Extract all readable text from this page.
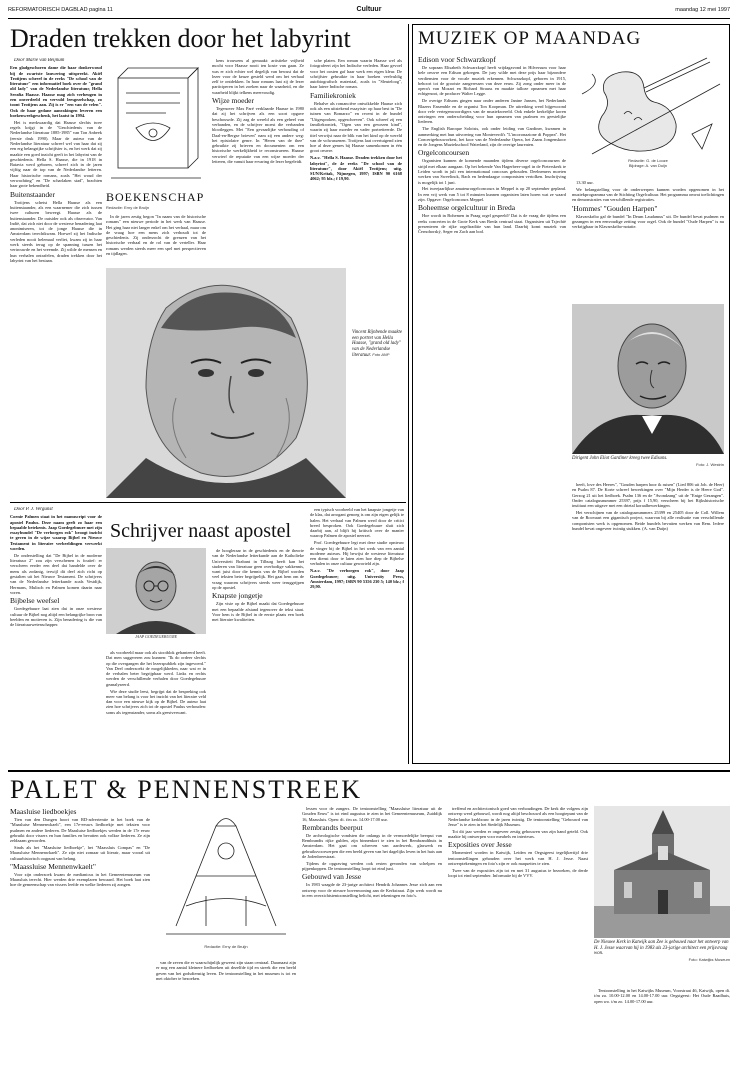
REFORMATORISCH DAGBLAD pagina 11	Cultuur	maandag 12 mei 1997
Draden trekken door het labyrint

Door Marie van Beijnum

Een gladgeschoren dame die haar donkerwoud bij de zwartste lauwering uitspreekt. Akiël Trotijens schreef in de reeks "De school van de literatuur" een informatief boek over de "grand old lady" van de Nederlandse literatuur, Hella Serafia Haasse. Haasse mag zich verheugen in een onverdeeld en vervuld leesgezelschap, zo toont Trotijens aan. Zij is er "een van de velen". Ook de haar gedane aanrakingen leveren een boekenweekgeschenk, het laatst in 1994.

Het is merkwaardig dat Haasse slechts twee regels krijgt in de "Geschiedenis van de Nederlandse literatuur 1885-1985" van Ton Anbeek (eerste druk 1990). Maar de auteur van de Nederlandse literatuur schreef wel van haar dat zij een erg belangrijke schrijfster is, en het werk dat zij maakte een goed inzicht geeft in het labyrint van de geschiedenis. Hella S. Haasse, die in 1918 in Batavia werd geboren, schreef zich in de jaren vijftig naar de top van de Nederlandse letteren. Haar historische romans, zoals "Het woud der verwachting" en "De scharlaken stad", brachten haar grote bekendheid.

Buitenstaander

Trotijens schetst Hella Haasse als een buitenstaander, als een waarnemer die zich tussen twee culturen beweegt. Haasse als de buitenstaander. De outsider ook als observator. Van Indië, dat zich niet door de westerse benadering laat anonimiseren, tot de jonge Haasse die in Amsterdam terechtkwam. Hoewel zij het Indische verleden nooit helemaal verliet, kwam zij in haar werk steeds terug op de spanning tussen het vertrouwde en het vreemde. Zij wilde de mensen en hun verhalen ontrafelen, draden trekken door het labyrint van het bestaan.

BOEKENSCHAP
Redactie: Erny de Bruijn

In de jaren zestig begon "In naam van de historische romans" een nieuwe periode in het werk van Haasse. Het ging haar niet langer enkel om het verhaal, maar om de vraag hoe een mens zich verhoudt tot de geschiedenis. Zij onderzocht de grenzen van het historische verhaal en de rol van de verteller. Haar romans werden steeds meer een spel met perspectieven en tijdlagen.

kens trouwens al gemaakt: artistieke vrijheid mocht voor Haasse nooit ten koste van gaan. Ze was er zich echter wel degelijk van bewust dat de lezer voor de keuze gesteld werd om het verhaal zelf te ontdekken. In haar romans laat zij de lezer participeren in het zoeken naar de waarheid, en die waarheid blijkt telkens meervoudig.

Wijze moeder

Tegenover Max Paré verklaarde Haasse in 1980 dat zij het schrijven als een soort opgave beschouwde. Zij zag de wereld als een geheel van verbanden, en de schrijver moest die verbanden blootleggen. Met "Een gevaarlijke verhouding of Daal-en-Bergse brieven" nam zij een andere weg: het epistolaire genre. In "Heren van de thee" gebruikte zij brieven en documenten om een historische werkelijkheid te reconstrueren. Haasse verwierf de reputatie van een wijze moeder der letteren, die vanuit haar ervaring de lezer begeleidt.

sche platen. Een roman waarin Haasse wel als fotografeert zijn het Indische verleden. Haar gevoel voor het oosten gaf haar werk een eigen kleur. De schrijfster gebruikte in haar boeken veelvuldig autobiografisch materiaal, zoals in "Sleuteloog", haar latere Indische roman.

Familiekroniek

Behalve als romancière ontwikkelde Haasse zich ook als een uitstekend essayiste: op haar best in "De tuinen van Bomarzo" en recent in de bundel "Uitgesproken, opgeschreven". Ook schreef zij een familiekroniek, "Ogen van een gewezen kind", waarin zij haar moeder en vader portretteerde. De titel verwijst naar de blik van het kind op de wereld van de volwassenen. Trotijens laat overtuigend zien hoe al deze genres bij Haasse samenkomen in één groot oeuvre.

N.a.v. "Hella S. Haasse. Draden trekken door het labyrint", de 4e reeks "De school van de literatuur", door Akiël Trotijens; uitg. SUN/Kritak, Nijmegen, 1997; ISBN 90 6168 4062; 95 blz.; f 19,90.

Vincent Rijnbende maakte een portret van Hella Haasse, "grand old lady" van de Nederlandse literatuur. Foto ANP

Door P. J. Vergunst

Coenie Palmen staat in het manuscript voor de apostel Paulus. Deze naam geeft zo haar een bepaalde betekenis. Jaap Goedegebuure met zijn essaybundel "De verborgen rok" beoogt inzicht te geven in de wijze waarop Bijbel en Nieuwe Testament in literaire verbeeldingen verwerkt worden.

De onderstelling dat "De Bijbel in de moderne literatuur 2" zou zijn verschenen is foutief: er verscheen eerder een deel dat handelde over de mens als zodanig, terwijl dit deel zich richt op gestalten uit het Nieuwe Testament. De schrijvers van de Nederlandse letterkunde zoals Vestdijk, Hermans, Mulisch en Palmen komen daarin naar voren.

Bijbelse weefsel

Goedegebuure laat zien dat in onze westerse cultuur de Bijbel nog altijd een belangrijke bron van beelden en motieven is. Zijn benadering is die van de literatuurwetenschapper.

Schrijver naast apostel
JAAP GOEDEGEBUURE

als voorbeeld maar ook als stootblok gehanteerd heeft. Dat men suggereren zou kunnen: "Ik do ordeer slechts op die overgangen die het lezerspubliek zijn ingevoerd." Van Deel onderzoekt de mogelijkheden, naar wat er in de verhalen beter begrijpbaar werd. Links en rechts werden de verschillende verhalen door Goedegebuure geanalyseerd.

Wie deze studie leest, begrijpt dat de bespreking ook meer van belang is voor het inzicht van het literaire veld dan voor een nieuwe kijk op de Bijbel. De auteur laat zien hoe schrijvers zich tot de apostel Paulus verhouden: soms als tegenstander, soms als geestverwant.

de hoogleraar in de geschiedenis en de theorie van de Nederlandse letterkunde aan de Katholieke Universiteit Brabant in Tilburg heeft kan het studeren van literatuur geen overbodige vakkennis, want juist door die kennis van de Bijbel worden veel teksten beter begrijpelijk. Het gaat hem om de vraag waarom schrijvers steeds weer teruggrijpen op de apostel.

Knapste jongetje

Zijn visie op de Bijbel maakt dat Goedegebuure met een bepaalde afstand tegenover de tekst staat. Voor hem is de Bijbel in de eerste plaats een boek met literaire kwaliteiten.

een typisch voorbeeld van het knapste jongetje van de klas, dat arrogant genoeg is om zijn eigen gelijk te halen. Het verhaal van Palmen werd door de critici breed besproken. Ook Goedegebuure sluit zich daarbij aan, al blijft hij kritisch over de manier waarop Palmen de apostel neerzet.

Prof. Goedegebuure legt met deze studie opnieuw de vinger bij de Bijbel in het werk van een aantal moderne auteurs. Hij bewijst de westerse literatuur een dienst door te laten zien hoe diep de Bijbelse verhalen in onze cultuur geworteld zijn.

N.a.v. "De verborgen rok", door Jaap Goedegebuure; uitg. University Press, Amsterdam, 1997; ISBN 90 5356 230 5; 140 blz.; f 29,90.

MUZIEK OP MAANDAG
Edison voor Schwarzkopf

De sopraan Elisabeth Schwarzkopf heeft vrijdagavond in Hilversum voor haar hele oeuvre een Edison gekregen. De jury wilde met deze prijs haar bijzondere verdiensten voor de vocale muziek erkennen. Schwarzkopf, geboren in 1915, behoort tot de grootste zangeressen van deze eeuw. Zij zong onder meer in de opera's van Mozart en Richard Strauss en maakte talloze opnamen met haar echtgenoot, de producer Walter Legge.

De overige Edisons gingen naar onder anderen Janine Jansen, het Nederlands Blazers Ensemble en de organist Ton Koopman. De uitreiking werd bijgewoond door vele vertegenwoordigers van de muziekwereld. Ook enkele kerkelijke koren ontvingen een onderscheiding voor hun opnamen van psalmen en geestelijke liederen.

The English Baroque Soloists, ook onder leiding van Gardiner, kwamen in aanmerking met hun uitvoering van Monteverdi's "L'incoronazione di Poppea". Het Concertgebouworkest, het koor van de Nederlandse Opera, het Zaans Jongenskoor en de Jongens Muziekschool Waterland, zijn de overige laureaten.

Orgelconcoursen

Organisten kunnen de komende maanden tijdens diverse orgelconcoursen de strijd met elkaar aangaan. Op het bekende Van Hagerbeer-orgel in de Pieterskerk te Leiden wordt in juli een internationaal concours gehouden. Deelnemers moeten werken van Sweelinck, Bach en hedendaagse componisten vertolken. Inschrijving is mogelijk tot 1 juni.

Het tweejaarlijkse amateurorgelconcours in Meppel is op 20 september gepland. In een vrij werk van 5 tot 8 minuten kunnen organisten laten horen wat ze waard zijn. Opgave: Orgelconcours Meppel.

Boheemse orgelcultuur in Breda

Hoe wordt in Bohemen in Praag orgel gespeeld? Dat is de vraag die tijdens een reeks concerten in de Grote Kerk van Breda centraal staat. Organisten uit Tsjechië presenteren de rijke orgeltraditie van hun land. Daarbij komt muziek van Černohorský, Seger en Zach aan bod.

Redactie: G. de Looze
Bijdrage: A. van Duijn

13.30 uur.

We belangstelling voor de onderwerpen kunnen worden opgenomen in het muziekprogramma van de Stichting Orgelcultuur. Het programma omvat toelichtingen en demonstraties van verschillende registraties.

'Hommes' "Gouden Harpen"

Klavarskribo gaf de bundel "In Deum Laudamus" uit. De bundel bevat psalmen en gezangen in een eenvoudige zetting voor orgel. Ook de bundel "Oude Harpen" is nu verkrijgbaar in Klavarskribo-notatie.

Dirigent John Eliot Gardiner kreeg twee Edisons.
Foto: J. Westrin

heeft, love des Heeres", "Gouden harpen hoor ik ruisen" (Lied 806 uit Joh. de Heer) en Psalm 87. De Korte schreef bewerkingen over "Mijn Herder is de Heere God". Gerzog 21 uit het liedboek. Psalm 136 en de "Avondzang" uit de "Enige Gezangen". Onder catalogusnummer 25397, prijs f 15,90, verscheen bij het Rijkshistorische instituut een uitgave met een drietal koraalbewerkingen.

Het verschijnen van de catalogusnummers 25399 en 25405 door de Coll. Willem van de Roovaart een gigantisch project, waarvan bij alle realisatie van verschillende componisten werk is opgenomen. Beide bundels bevatten werken van Rem. Iedere bundel bevat ongeveer twintig stukken. (A. van Duijn)

PALET & PENNENSTREEK
Maasluise liedboekjes

Tien van den Dungen hoort van RD-advertentie in het boek van de "Maasluise Mennenwkaelt", een 17e-eeuws liedboekje met teksten voor psalmen en andere liederen. De Maasluise liedboekjes werden in de 17e eeuw gebruikt door vissers en hun families en bevatten ook volkse liederen. Ze zijn zeldzaam geworden.

Sinds als het "Maasluise liedboekje", het "Maassluis Compas" en "De Maassluise Mennenwkaelt". Ze zijn niet zomaar uit literair, maar vooral uit cultuurhistorisch oogpunt van belang.

"Maassluise Mennenwkaelt"

Voor zijn onderzoek kwam de medianicus in het Gemeentemuseum van Maassluis terecht. Hier werden drie exemplaren bewaard. Het boek laat zien hoe de gemeenschap van vissers leefde en welke liederen zij zongen.

Redactie: Erny de Bruijn

van de zeven die er waarschijnlijk geweest zijn staan centraal. Daarnaast zijn er nog een aantal kleinere liedboeken uit dezelfde tijd en streek die een beeld geven van het godsdienstig leven. De tentoonstelling in het museum is tot en met oktober te bezoeken.

lessen voor de zangers. De tentoonstelling "Maassluise literatuur uit de Gouden Eeuw" is tot eind augustus te zien in het Gemeentemuseum, Zuiddijk 16, Maassluis. Open: di. t/m za. 14.00-17.00 uur.

Rembrandts beerput

De archeologische vondsten die onlangs in de vermoedelijke beerput van Rembrandts rijke gulden, zijn binnenkort te zien in het Rembrandthuis in Amsterdam. Het gaat om scherven van aardewerk, glaswerk en gebruiksvoorwerpen die een beeld geven van het dagelijks leven in het huis aan de Jodenbreestraat.

Tijdens de opgraving werden ook resten gevonden van schelpen en pijpenkoppen. De tentoonstelling loopt tot eind juni.

Gebouwd van Jesse

In 1983 waagde de 23-jarige architect Hendrik Johannes Jesse zich aan een ontwerp voor de nieuwe bovenwoning aan de Kerkstraat. Zijn werk wordt nu in een overzichtstentoonstelling belicht, met tekeningen en foto's.

treffend en architectonisch goed van verhoudingen. De kerk die volgens zijn ontwerp werd gebouwd, wordt nog altijd beschouwd als een hoogtepunt van de Nederlandse kerkbouw in de jaren twintig. De tentoonstelling "Gebouwd van Jesse" is te zien in het Stedelijk Museum.

Tot dit jaar werden er ongeveer zestig gebouwen van zijn hand geteld. Ook maakte hij ontwerpen voor meubels en interieurs.

Exposities over Jesse

Momenteel worden in Katwijk, Leiden en Oegstgeest tegelijkertijd drie tentoonstellingen gehouden over het werk van H. J. Jesse. Naast ontwerptekeningen en foto's zijn er ook maquettes te zien.

Twee van de exposities zijn tot en met 31 augustus te bezoeken, de derde loopt tot eind september. Informatie bij de VVV.

De Nieuwe Kerk in Katwijk aan Zee is gebouwd naar het ontwerp van H. J. Jesse waarvan hij in 1983 als 23-jarige architect een prijsvraag won.
Foto: Katwijks Museum

Tentoonstelling in het Katwijks Museum, Voorstraat 46, Katwijk, open di. t/m za. 10.00-12.00 en 14.00-17.00 uur. Oegstgeest: Het Oude Raadhuis, open wo. t/m zo. 14.00-17.00 uur.
